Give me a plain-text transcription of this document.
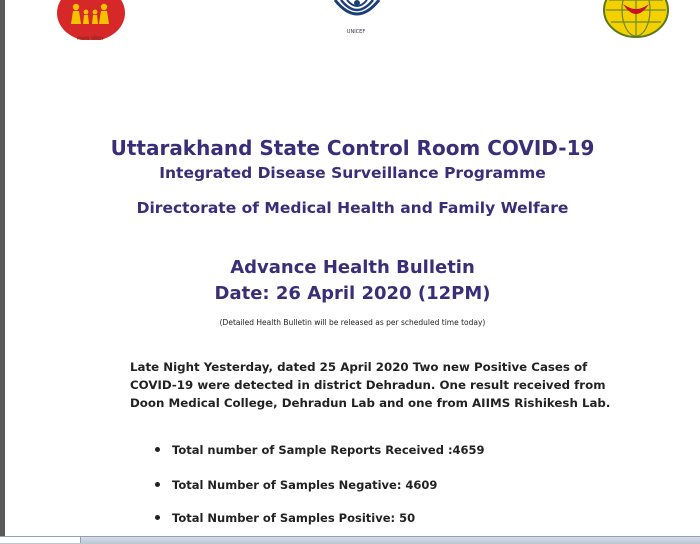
स्वास्थ्य परिवार
UNICEF
Uttarakhand State Control Room COVID-19
Integrated Disease Surveillance Programme
Directorate of Medical Health and Family Welfare
Advance Health Bulletin
Date: 26 April 2020 (12PM)
(Detailed Health Bulletin will be released as per scheduled time today)
Late Night Yesterday, dated 25 April 2020 Two new Positive Cases of COVID-19 were detected in district Dehradun. One result received from Doon Medical College, Dehradun Lab and one from AIIMS Rishikesh Lab.
Total number of Sample Reports Received :4659
Total Number of Samples Negative: 4609
Total Number of Samples Positive: 50
